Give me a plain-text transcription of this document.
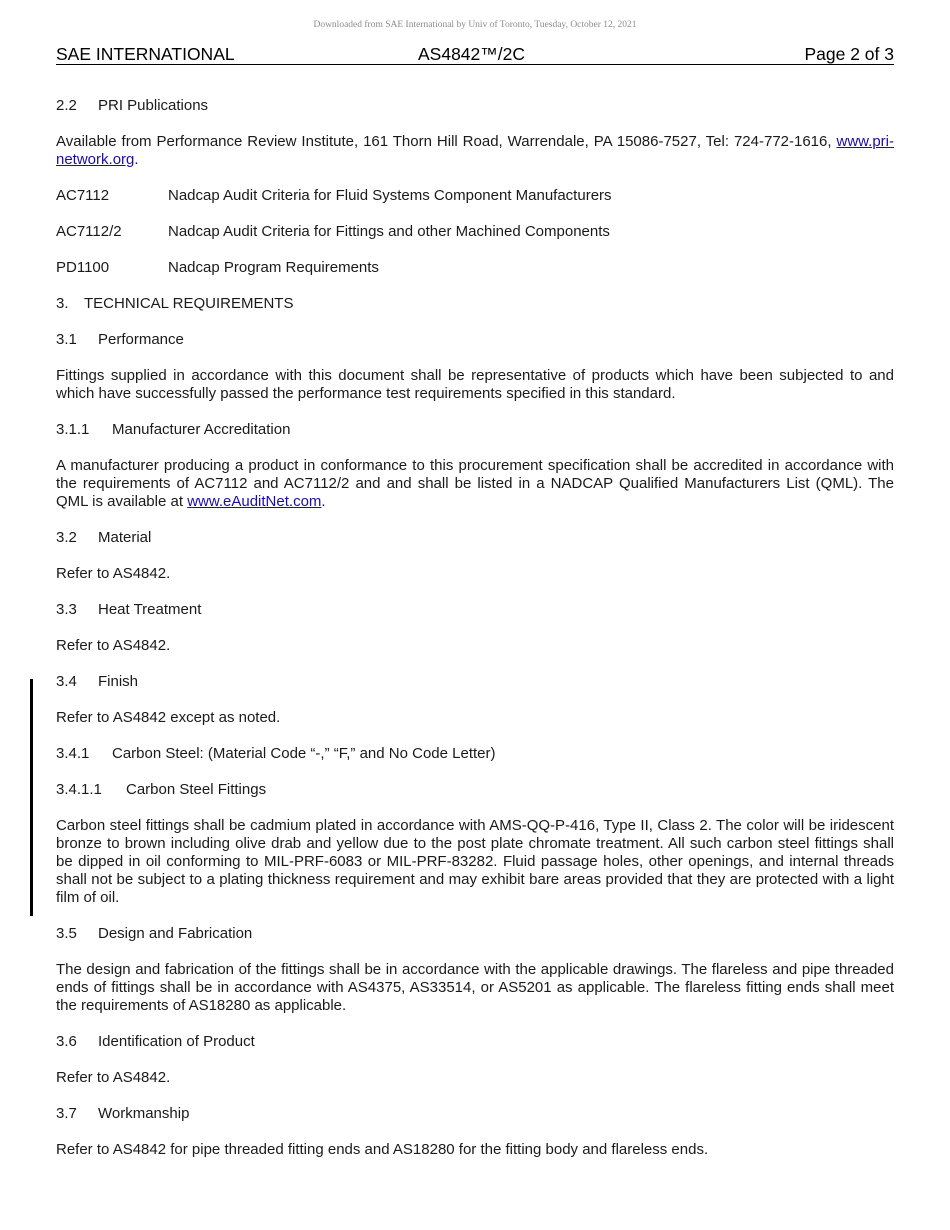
Downloaded from SAE International by Univ of Toronto, Tuesday, October 12, 2021
SAE INTERNATIONAL	AS4842™/2C	Page 2 of 3
2.2 PRI Publications
Available from Performance Review Institute, 161 Thorn Hill Road, Warrendale, PA 15086-7527, Tel: 724-772-1616, www.pri-network.org.
AC7112	Nadcap Audit Criteria for Fluid Systems Component Manufacturers
AC7112/2	Nadcap Audit Criteria for Fittings and other Machined Components
PD1100	Nadcap Program Requirements
3. TECHNICAL REQUIREMENTS
3.1 Performance
Fittings supplied in accordance with this document shall be representative of products which have been subjected to and which have successfully passed the performance test requirements specified in this standard.
3.1.1 Manufacturer Accreditation
A manufacturer producing a product in conformance to this procurement specification shall be accredited in accordance with the requirements of AC7112 and AC7112/2 and and shall be listed in a NADCAP Qualified Manufacturers List (QML). The QML is available at www.eAuditNet.com.
3.2 Material
Refer to AS4842.
3.3 Heat Treatment
Refer to AS4842.
3.4 Finish
Refer to AS4842 except as noted.
3.4.1 Carbon Steel: (Material Code “-,” “F,” and No Code Letter)
3.4.1.1 Carbon Steel Fittings
Carbon steel fittings shall be cadmium plated in accordance with AMS-QQ-P-416, Type II, Class 2. The color will be iridescent bronze to brown including olive drab and yellow due to the post plate chromate treatment. All such carbon steel fittings shall be dipped in oil conforming to MIL-PRF-6083 or MIL-PRF-83282. Fluid passage holes, other openings, and internal threads shall not be subject to a plating thickness requirement and may exhibit bare areas provided that they are protected with a light film of oil.
3.5 Design and Fabrication
The design and fabrication of the fittings shall be in accordance with the applicable drawings. The flareless and pipe threaded ends of fittings shall be in accordance with AS4375, AS33514, or AS5201 as applicable. The flareless fitting ends shall meet the requirements of AS18280 as applicable.
3.6 Identification of Product
Refer to AS4842.
3.7 Workmanship
Refer to AS4842 for pipe threaded fitting ends and AS18280 for the fitting body and flareless ends.
